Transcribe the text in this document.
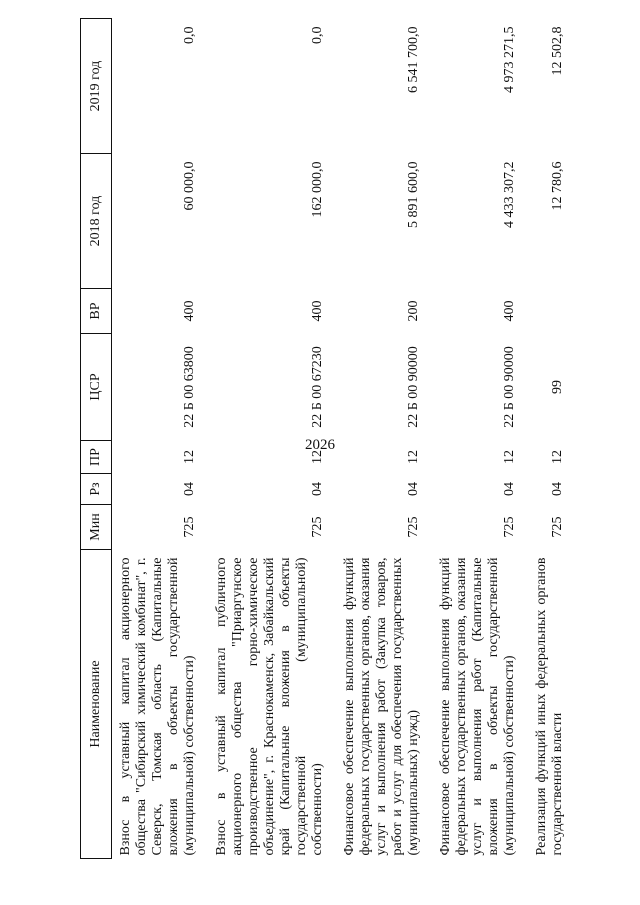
2026
Наименование	Мин	Рз	ПР	ЦСР	ВР	2018 год	2019 год
Взнос в уставный капитал акционерного общества "Сибирский химический комбинат", г. Северск, Томская область (Капитальные вложения в объекты государственной (муниципальной) собственности)	725	04	12	22 Б 00 63800	400	60 000,0	0,0
Взнос в уставный капитал публичного акционерного общества "Приаргунское производственное горно-химическое объединение", г. Краснокаменск, Забайкальский край (Капитальные вложения в объекты государственной (муниципальной) собственности)	725	04	12	22 Б 00 67230	400	162 000,0	0,0
Финансовое обеспечение выполнения функций федеральных государственных органов, оказания услуг и выполнения работ (Закупка товаров, работ и услуг для обеспечения государственных (муниципальных) нужд)	725	04	12	22 Б 00 90000	200	5 891 600,0	6 541 700,0
Финансовое обеспечение выполнения функций федеральных государственных органов, оказания услуг и выполнения работ (Капитальные вложения в объекты государственной (муниципальной) собственности)	725	04	12	22 Б 00 90000	400	4 433 307,2	4 973 271,5
Реализация функций иных федеральных органов государственной власти	725	04	12	99		12 780,6	12 502,8
